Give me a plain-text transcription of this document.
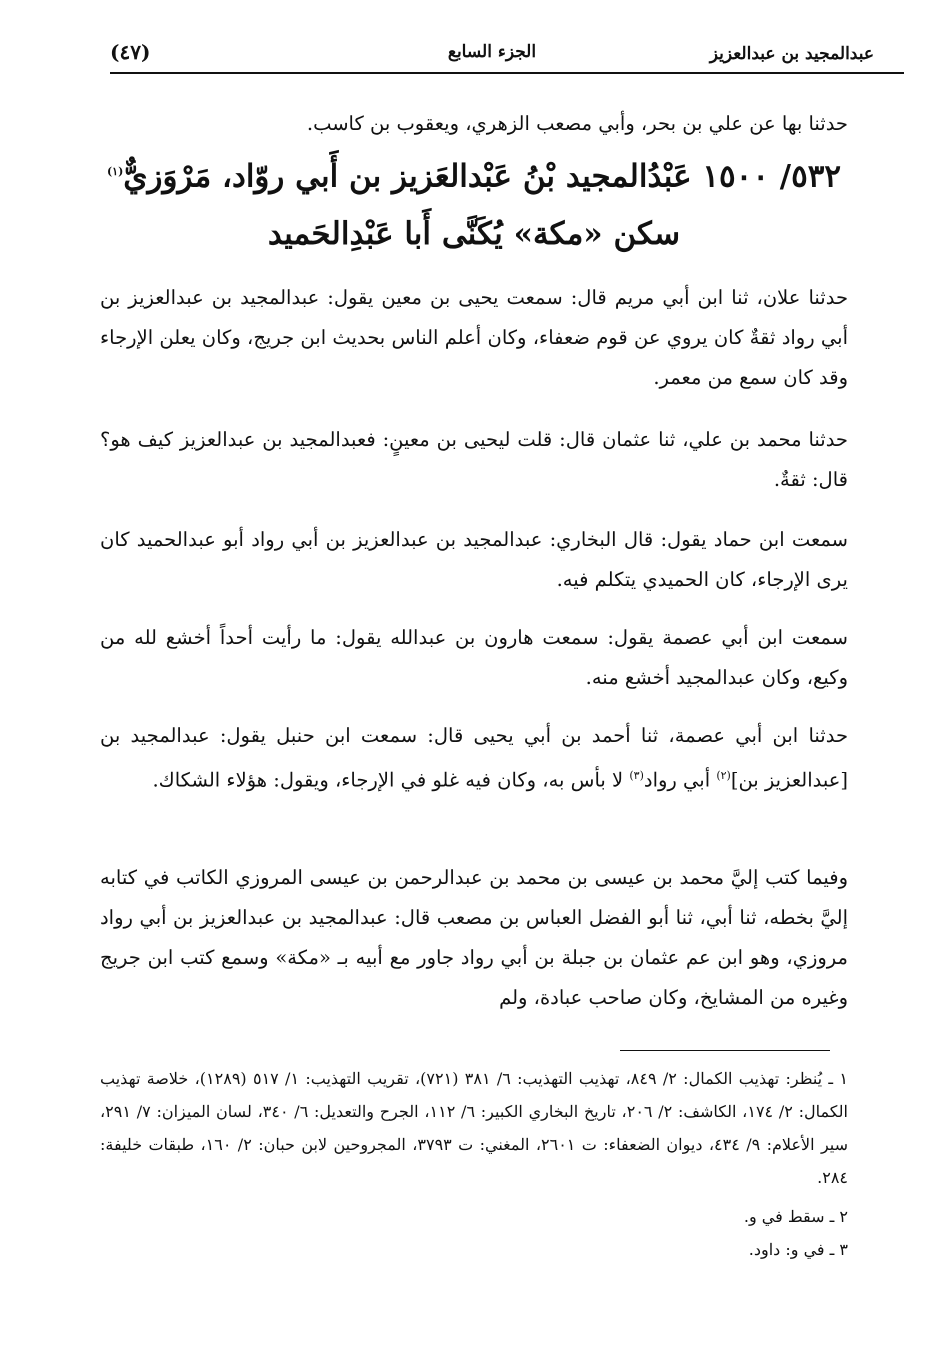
عبدالمجيد بن عبدالعزيز
الجزء السابع
(٤٧)
حدثنا بها عن علي بن بحر، وأبي مصعب الزهري، ويعقوب بن كاسب.
٥٣٢/ ١٥٠٠ عَبْدُالمجيد بْنُ عَبْدالعَزيز بن أَبي روّاد، مَرْوَزيٌّ$^{(١)}$
سكن «مكة» يُكَنَّى أَبا عَبْدِالحَميد
حدثنا علان، ثنا ابن أبي مريم قال: سمعت يحيى بن معين يقول: عبدالمجيد بن عبدالعزيز بن أبي رواد ثقةٌ كان يروي عن قوم ضعفاء، وكان أعلم الناس بحديث ابن جريج، وكان يعلن الإرجاء وقد كان سمع من معمر.
حدثنا محمد بن علي، ثنا عثمان قال: قلت ليحيى بن معينٍ: فعبدالمجيد بن عبدالعزيز كيف هو؟ قال: ثقةٌ.
سمعت ابن حماد يقول: قال البخاري: عبدالمجيد بن عبدالعزيز بن أبي رواد أبو عبدالحميد كان يرى الإرجاء، كان الحميدي يتكلم فيه.
سمعت ابن أبي عصمة يقول: سمعت هارون بن عبدالله يقول: ما رأيت أحداً أخشع لله من وكيع، وكان عبدالمجيد أخشع منه.
حدثنا ابن أبي عصمة، ثنا أحمد بن أبي يحيى قال: سمعت ابن حنبل يقول: عبدالمجيد بن [عبدالعزيز بن]$^{(٢)}$ أبي رواد$^{(٣)}$ لا بأس به، وكان فيه غلو في الإرجاء، ويقول: هؤلاء الشكاك.
وفيما كتب إليَّ محمد بن عيسى بن محمد بن عبدالرحمن بن عيسى المروزي الكاتب في كتابه إليَّ بخطه، ثنا أبي، ثنا أبو الفضل العباس بن مصعب قال: عبدالمجيد بن عبدالعزيز بن أبي رواد مروزي، وهو ابن عم عثمان بن جبلة بن أبي رواد جاور مع أبيه بـ «مكة» وسمع كتب ابن جريج وغيره من المشايخ، وكان صاحب عبادة، ولم
١ ـ يُنظر: تهذيب الكمال: ٢/ ٨٤٩، تهذيب التهذيب: ٦/ ٣٨١ (٧٢١)، تقريب التهذيب: ١/ ٥١٧ (١٢٨٩)، خلاصة تهذيب الكمال: ٢/ ١٧٤، الكاشف: ٢/ ٢٠٦، تاريخ البخاري الكبير: ٦/ ١١٢، الجرح والتعديل: ٦/ ٣٤٠، لسان الميزان: ٧/ ٢٩١، سير الأعلام: ٩/ ٤٣٤، ديوان الضعفاء: ت ٢٦٠١، المغني: ت ٣٧٩٣، المجروحين لابن حبان: ٢/ ١٦٠، طبقات خليفة: ٢٨٤.
٢ ـ سقط في و.
٣ ـ في و: داود.
